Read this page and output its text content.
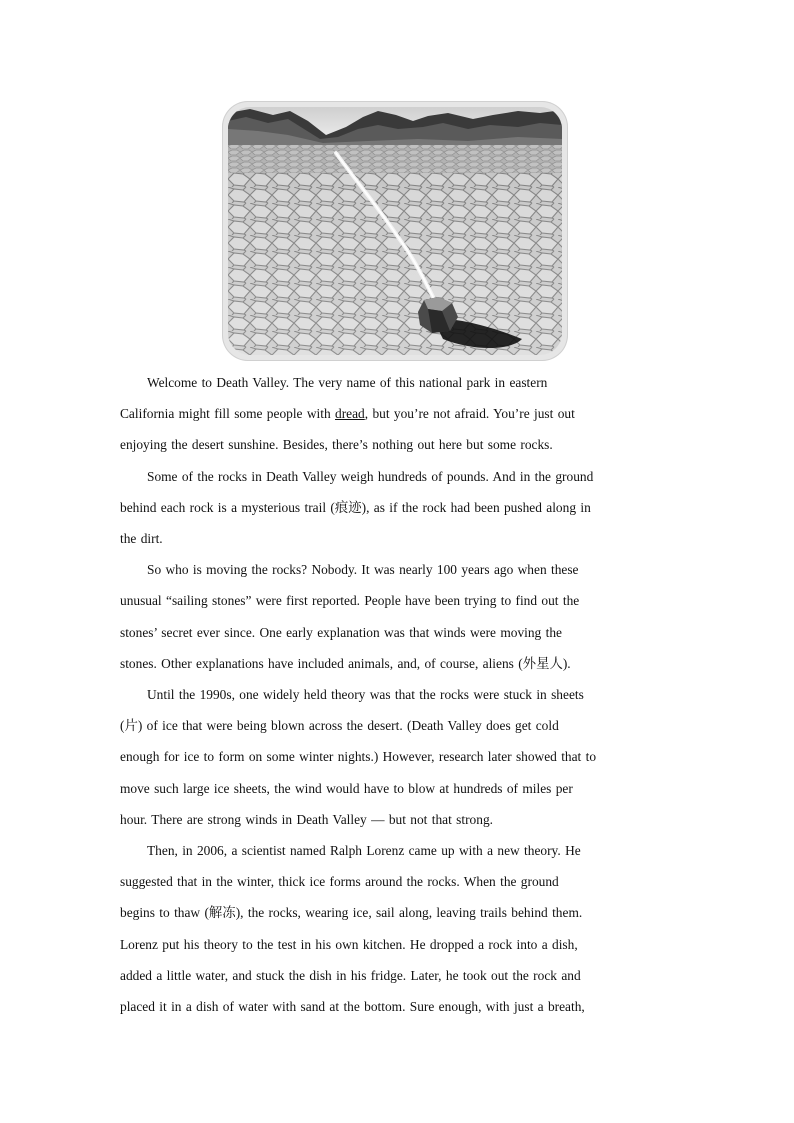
Welcome to Death Valley. The very name of this national park in eastern
California might fill some people with dread, but you’re not afraid. You’re just out
enjoying the desert sunshine. Besides, there’s nothing out here but some rocks.

Some of the rocks in Death Valley weigh hundreds of pounds. And in the ground
behind each rock is a mysterious trail (痕迹), as if the rock had been pushed along in
the dirt.

So who is moving the rocks? Nobody. It was nearly 100 years ago when these
unusual “sailing stones” were first reported. People have been trying to find out the
stones’ secret ever since. One early explanation was that winds were moving the
stones. Other explanations have included animals, and, of course, aliens (外星人).

Until the 1990s, one widely held theory was that the rocks were stuck in sheets
(片) of ice that were being blown across the desert. (Death Valley does get cold
enough for ice to form on some winter nights.) However, research later showed that to
move such large ice sheets, the wind would have to blow at hundreds of miles per
hour. There are strong winds in Death Valley — but not that strong.

Then, in 2006, a scientist named Ralph Lorenz came up with a new theory. He
suggested that in the winter, thick ice forms around the rocks. When the ground
begins to thaw (解冻), the rocks, wearing ice, sail along, leaving trails behind them.
Lorenz put his theory to the test in his own kitchen. He dropped a rock into a dish,
added a little water, and stuck the dish in his fridge. Later, he took out the rock and
placed it in a dish of water with sand at the bottom. Sure enough, with just a breath,
